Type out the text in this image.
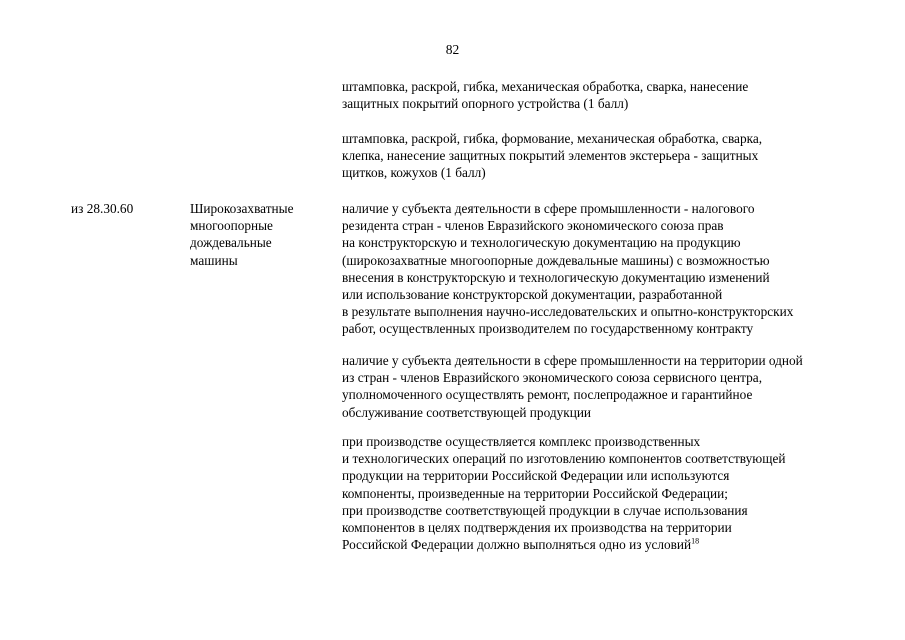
82
штамповка, раскрой, гибка, механическая обработка, сварка, нанесение
защитных покрытий опорного устройства (1 балл)
штамповка, раскрой, гибка, формование, механическая обработка, сварка,
клепка, нанесение защитных покрытий элементов экстерьера - защитных
щитков, кожухов (1 балл)
из 28.30.60	Широкозахватные
многоопорные
дождевальные
машины
наличие у субъекта деятельности в сфере промышленности - налогового
резидента стран - членов Евразийского экономического союза прав
на конструкторскую и технологическую документацию на продукцию
(широкозахватные многоопорные дождевальные машины) с возможностью
внесения в конструкторскую и технологическую документацию изменений
или использование конструкторской документации, разработанной
в результате выполнения научно-исследовательских и опытно-конструкторских
работ, осуществленных производителем по государственному контракту
наличие у субъекта деятельности в сфере промышленности на территории одной
из стран - членов Евразийского экономического союза сервисного центра,
уполномоченного осуществлять ремонт, послепродажное и гарантийное
обслуживание соответствующей продукции
при производстве осуществляется комплекс производственных
и технологических операций по изготовлению компонентов соответствующей
продукции на территории Российской Федерации или используются
компоненты, произведенные на территории Российской Федерации;
при производстве соответствующей продукции в случае использования
компонентов в целях подтверждения их производства на территории
Российской Федерации должно выполняться одно из условий$^{18}$
